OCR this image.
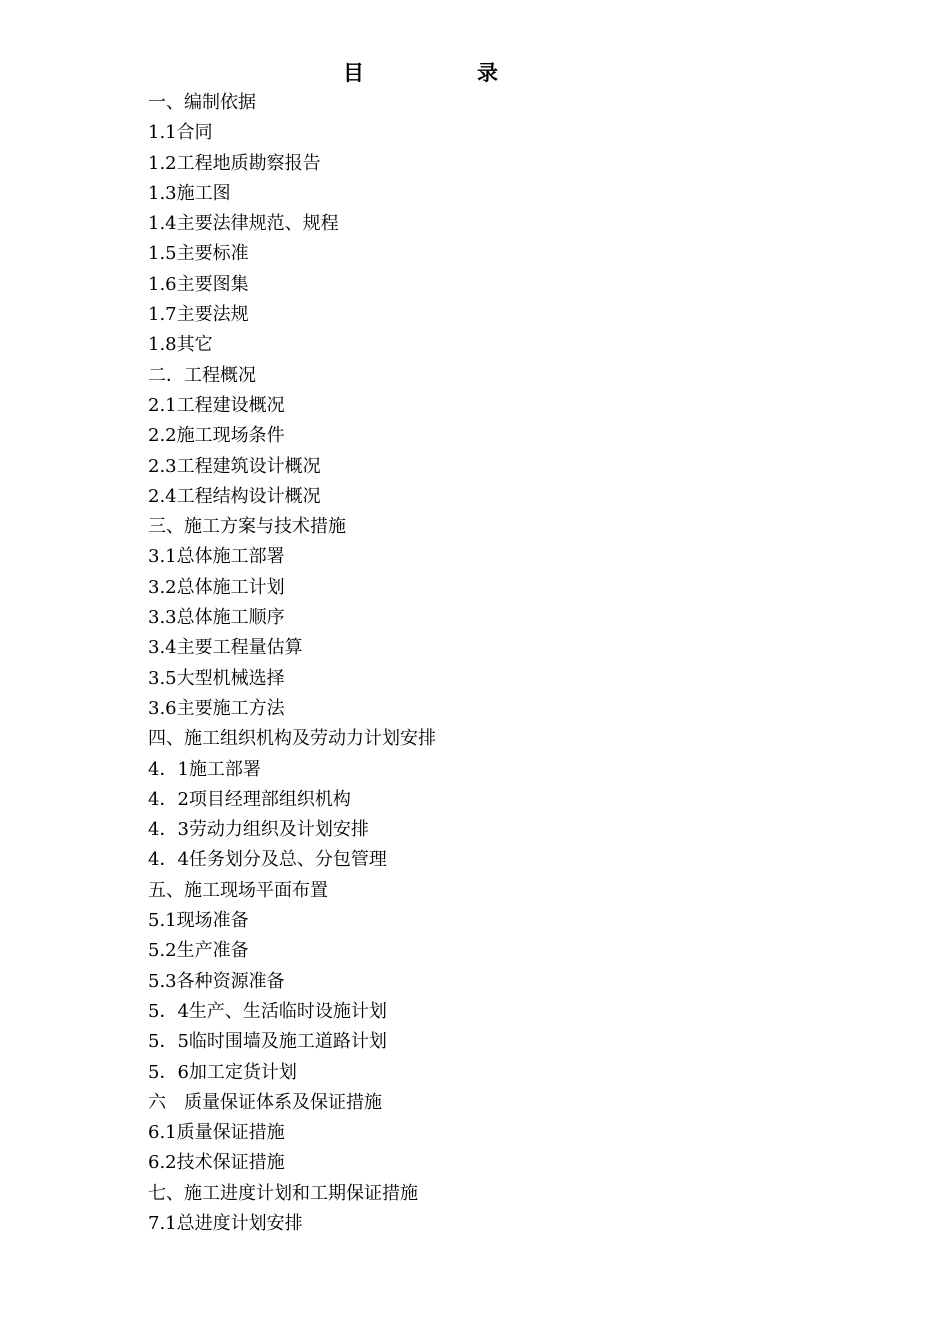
目	录
一、编制依据
1.1合同
1.2工程地质勘察报告
1.3施工图
1.4主要法律规范、规程
1.5主要标准
1.6主要图集
1.7主要法规
1.8其它
二．工程概况
2.1工程建设概况
2.2施工现场条件
2.3工程建筑设计概况
2.4工程结构设计概况
三、施工方案与技术措施
3.1总体施工部署
3.2总体施工计划
3.3总体施工顺序
3.4主要工程量估算
3.5大型机械选择
3.6主要施工方法
四、施工组织机构及劳动力计划安排
4．1施工部署
4．2项目经理部组织机构
4．3劳动力组织及计划安排
4．4任务划分及总、分包管理
五、施工现场平面布置
5.1现场准备
5.2生产准备
5.3各种资源准备
5．4生产、生活临时设施计划
5．5临时围墙及施工道路计划
5．6加工定货计划
六　质量保证体系及保证措施
6.1质量保证措施
6.2技术保证措施
七、施工进度计划和工期保证措施
7.1总进度计划安排
